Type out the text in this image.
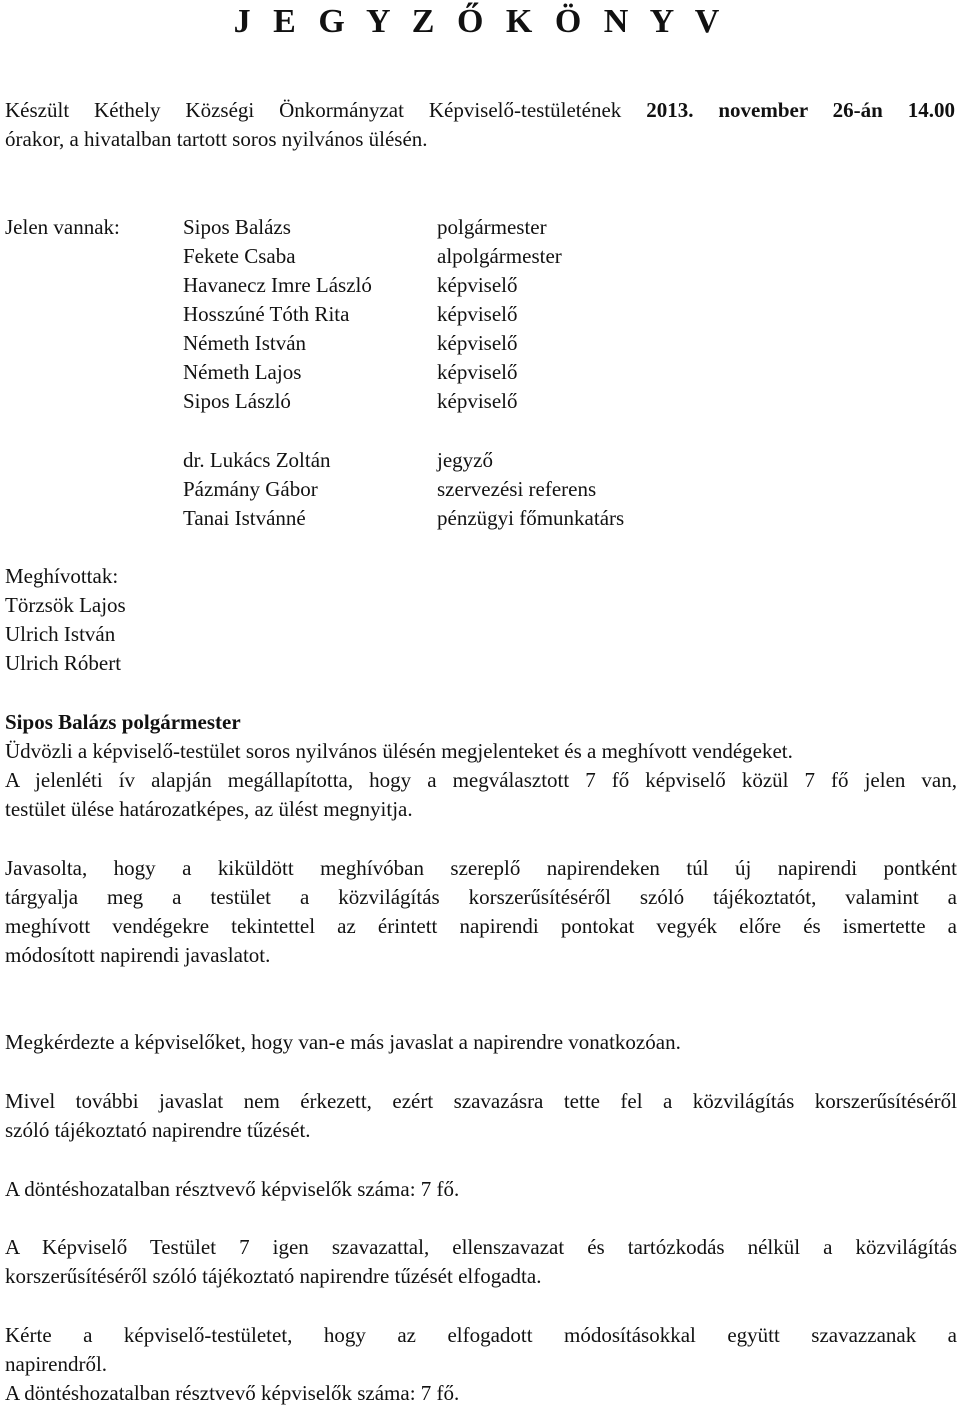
J E G Y Z Ő K Ö N Y V
Készült Kéthely Községi Önkormányzat Képviselő-testületének 2013. november 26-án 14.00
órakor, a hivatalban tartott soros nyilvános ülésén.
Jelen vannak:	Sipos Balázs
Fekete Csaba
Havanecz Imre László
Hosszúné Tóth Rita
Németh István
Németh Lajos
Sipos László
polgármester
alpolgármester
képviselő
képviselő
képviselő
képviselő
képviselő
dr. Lukács Zoltán
Pázmány Gábor
Tanai Istvánné
jegyző
szervezési referens
pénzügyi főmunkatárs
Meghívottak:
Törzsök Lajos
Ulrich István
Ulrich Róbert
Sipos Balázs polgármester
Üdvözli a képviselő-testület soros nyilvános ülésén megjelenteket és a meghívott vendégeket.
A jelenléti ív alapján megállapította, hogy a megválasztott 7 fő képviselő közül 7 fő jelen van,
testület ülése határozatképes, az ülést megnyitja.
Javasolta, hogy a kiküldött meghívóban szereplő napirendeken túl új napirendi pontként
tárgyalja meg a testület a közvilágítás korszerűsítéséről szóló tájékoztatót, valamint a
meghívott vendégekre tekintettel az érintett napirendi pontokat vegyék előre és ismertette a
módosított napirendi javaslatot.
Megkérdezte a képviselőket, hogy van-e más javaslat a napirendre vonatkozóan.
Mivel további javaslat nem érkezett, ezért szavazásra tette fel a közvilágítás korszerűsítéséről
szóló tájékoztató napirendre tűzését.
A döntéshozatalban résztvevő képviselők száma: 7 fő.
A Képviselő Testület 7 igen szavazattal, ellenszavazat és tartózkodás nélkül a közvilágítás
korszerűsítéséről szóló tájékoztató napirendre tűzését elfogadta.
Kérte a képviselő-testületet, hogy az elfogadott módosításokkal együtt szavazzanak a
napirendről.
A döntéshozatalban résztvevő képviselők száma: 7 fő.
